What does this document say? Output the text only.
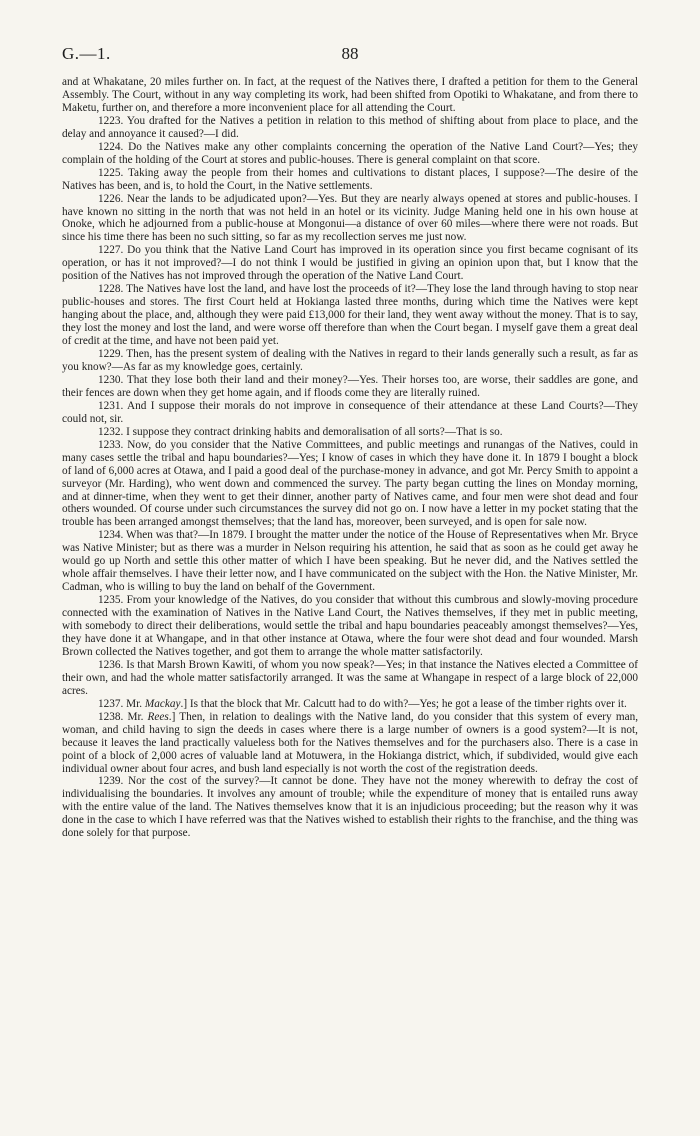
G.—1.	88

and at Whakatane, 20 miles further on. In fact, at the request of the Natives there, I drafted a petition for them to the General Assembly. The Court, without in any way completing its work, had been shifted from Opotiki to Whakatane, and from there to Maketu, further on, and therefore a more inconvenient place for all attending the Court.

1223. You drafted for the Natives a petition in relation to this method of shifting about from place to place, and the delay and annoyance it caused?—I did.

1224. Do the Natives make any other complaints concerning the operation of the Native Land Court?—Yes; they complain of the holding of the Court at stores and public-houses. There is general complaint on that score.

1225. Taking away the people from their homes and cultivations to distant places, I suppose?—The desire of the Natives has been, and is, to hold the Court, in the Native settlements.

1226. Near the lands to be adjudicated upon?—Yes. But they are nearly always opened at stores and public-houses. I have known no sitting in the north that was not held in an hotel or its vicinity. Judge Maning held one in his own house at Onoke, which he adjourned from a public-house at Mongonui—a distance of over 60 miles—where there were not roads. But since his time there has been no such sitting, so far as my recollection serves me just now.

1227. Do you think that the Native Land Court has improved in its operation since you first became cognisant of its operation, or has it not improved?—I do not think I would be justified in giving an opinion upon that, but I know that the position of the Natives has not improved through the operation of the Native Land Court.

1228. The Natives have lost the land, and have lost the proceeds of it?—They lose the land through having to stop near public-houses and stores. The first Court held at Hokianga lasted three months, during which time the Natives were kept hanging about the place, and, although they were paid £13,000 for their land, they went away without the money. That is to say, they lost the money and lost the land, and were worse off therefore than when the Court began. I myself gave them a great deal of credit at the time, and have not been paid yet.

1229. Then, has the present system of dealing with the Natives in regard to their lands generally such a result, as far as you know?—As far as my knowledge goes, certainly.

1230. That they lose both their land and their money?—Yes. Their horses too, are worse, their saddles are gone, and their fences are down when they get home again, and if floods come they are literally ruined.

1231. And I suppose their morals do not improve in consequence of their attendance at these Land Courts?—They could not, sir.

1232. I suppose they contract drinking habits and demoralisation of all sorts?—That is so.

1233. Now, do you consider that the Native Committees, and public meetings and runangas of the Natives, could in many cases settle the tribal and hapu boundaries?—Yes; I know of cases in which they have done it. In 1879 I bought a block of land of 6,000 acres at Otawa, and I paid a good deal of the purchase-money in advance, and got Mr. Percy Smith to appoint a surveyor (Mr. Harding), who went down and commenced the survey. The party began cutting the lines on Monday morning, and at dinner-time, when they went to get their dinner, another party of Natives came, and four men were shot dead and four others wounded. Of course under such circumstances the survey did not go on. I now have a letter in my pocket stating that the trouble has been arranged amongst themselves; that the land has, moreover, been surveyed, and is open for sale now.

1234. When was that?—In 1879. I brought the matter under the notice of the House of Representatives when Mr. Bryce was Native Minister; but as there was a murder in Nelson requiring his attention, he said that as soon as he could get away he would go up North and settle this other matter of which I have been speaking. But he never did, and the Natives settled the whole affair themselves. I have their letter now, and I have communicated on the subject with the Hon. the Native Minister, Mr. Cadman, who is willing to buy the land on behalf of the Government.

1235. From your knowledge of the Natives, do you consider that without this cumbrous and slowly-moving procedure connected with the examination of Natives in the Native Land Court, the Natives themselves, if they met in public meeting, with somebody to direct their deliberations, would settle the tribal and hapu boundaries peaceably amongst themselves?—Yes, they have done it at Whangape, and in that other instance at Otawa, where the four were shot dead and four wounded. Marsh Brown collected the Natives together, and got them to arrange the whole matter satisfactorily.

1236. Is that Marsh Brown Kawiti, of whom you now speak?—Yes; in that instance the Natives elected a Committee of their own, and had the whole matter satisfactorily arranged. It was the same at Whangape in respect of a large block of 22,000 acres.

1237. Mr. Mackay.] Is that the block that Mr. Calcutt had to do with?—Yes; he got a lease of the timber rights over it.

1238. Mr. Rees.] Then, in relation to dealings with the Native land, do you consider that this system of every man, woman, and child having to sign the deeds in cases where there is a large number of owners is a good system?—It is not, because it leaves the land practically valueless both for the Natives themselves and for the purchasers also. There is a case in point of a block of 2,000 acres of valuable land at Motuwera, in the Hokianga district, which, if subdivided, would give each individual owner about four acres, and bush land especially is not worth the cost of the registration deeds.

1239. Nor the cost of the survey?—It cannot be done. They have not the money wherewith to defray the cost of individualising the boundaries. It involves any amount of trouble; while the expenditure of money that is entailed runs away with the entire value of the land. The Natives themselves know that it is an injudicious proceeding; but the reason why it was done in the case to which I have referred was that the Natives wished to establish their rights to the franchise, and the thing was done solely for that purpose.
